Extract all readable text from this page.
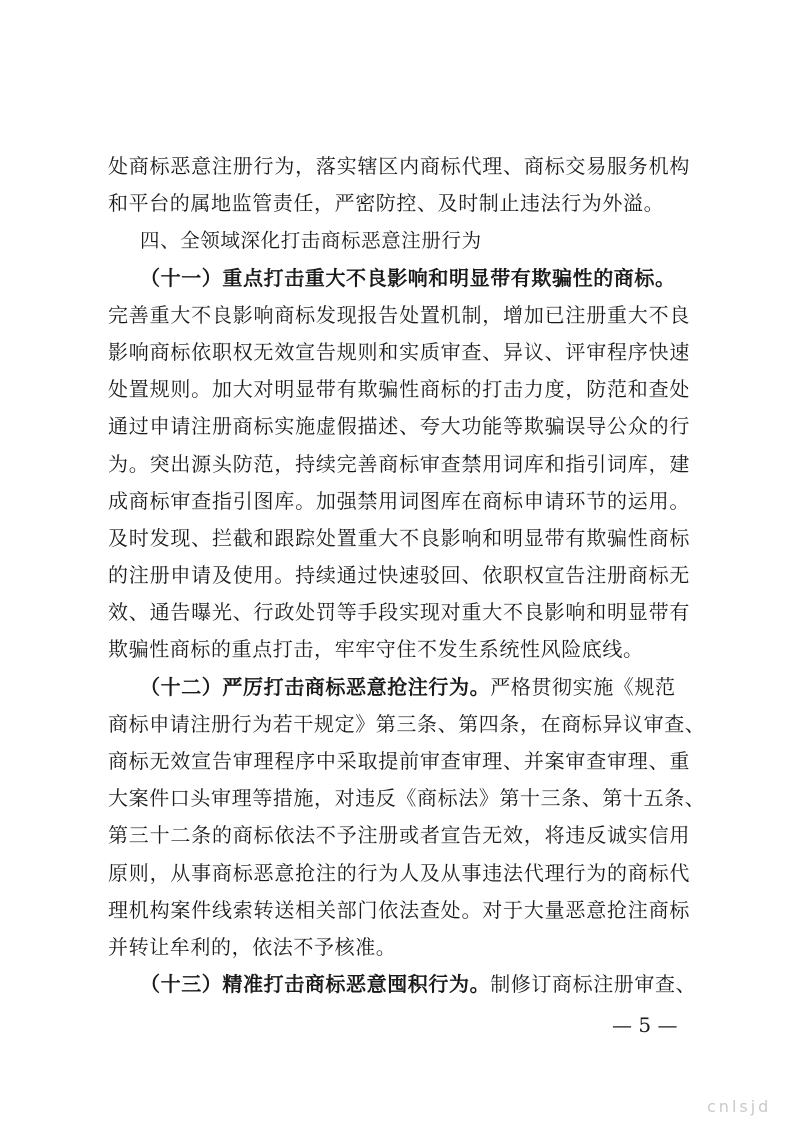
处商标恶意注册行为，落实辖区内商标代理、商标交易服务机构
和平台的属地监管责任，严密防控、及时制止违法行为外溢。
四、全领域深化打击商标恶意注册行为
（十一）重点打击重大不良影响和明显带有欺骗性的商标。
完善重大不良影响商标发现报告处置机制，增加已注册重大不良
影响商标依职权无效宣告规则和实质审查、异议、评审程序快速
处置规则。加大对明显带有欺骗性商标的打击力度，防范和查处
通过申请注册商标实施虚假描述、夸大功能等欺骗误导公众的行
为。突出源头防范，持续完善商标审查禁用词库和指引词库，建
成商标审查指引图库。加强禁用词图库在商标申请环节的运用。
及时发现、拦截和跟踪处置重大不良影响和明显带有欺骗性商标
的注册申请及使用。持续通过快速驳回、依职权宣告注册商标无
效、通告曝光、行政处罚等手段实现对重大不良影响和明显带有
欺骗性商标的重点打击，牢牢守住不发生系统性风险底线。
（十二）严厉打击商标恶意抢注行为。严格贯彻实施《规范
商标申请注册行为若干规定》第三条、第四条，在商标异议审查、
商标无效宣告审理程序中采取提前审查审理、并案审查审理、重
大案件口头审理等措施，对违反《商标法》第十三条、第十五条、
第三十二条的商标依法不予注册或者宣告无效，将违反诚实信用
原则，从事商标恶意抢注的行为人及从事违法代理行为的商标代
理机构案件线索转送相关部门依法查处。对于大量恶意抢注商标
并转让牟利的，依法不予核准。
（十三）精准打击商标恶意囤积行为。制修订商标注册审查、
— 5 —
cnlsjd
